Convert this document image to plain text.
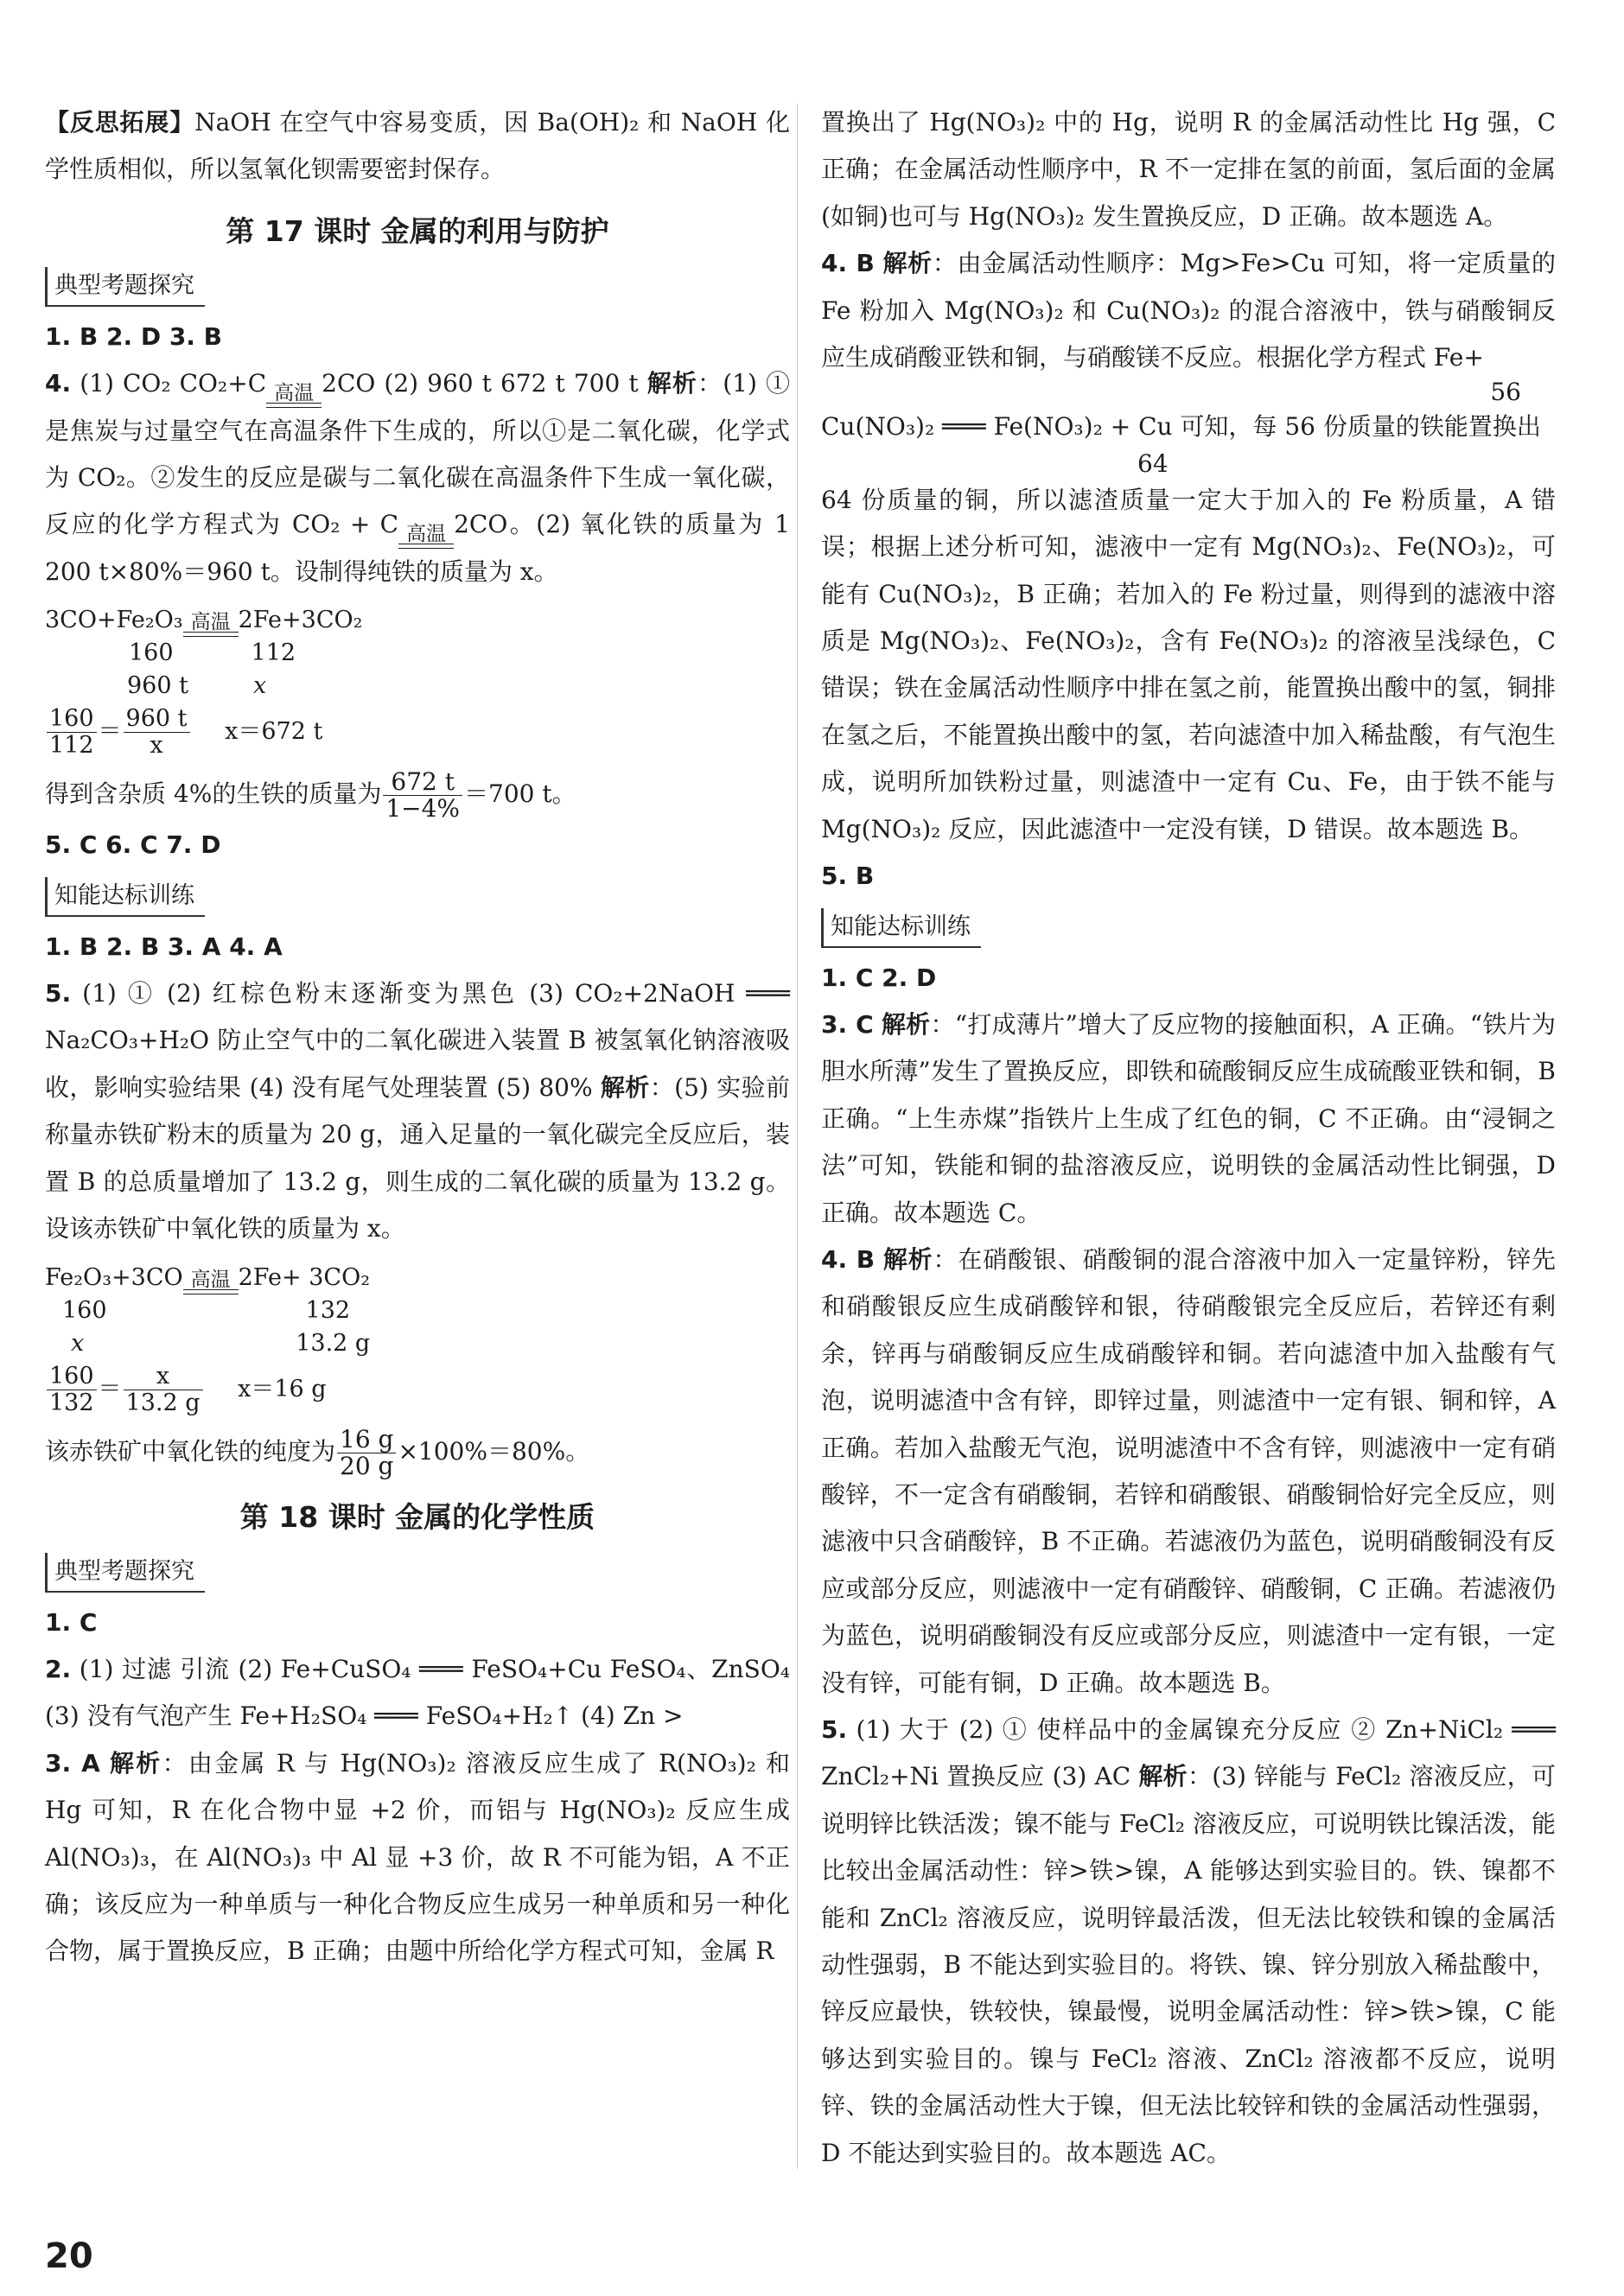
【反思拓展】NaOH 在空气中容易变质，因 Ba(OH)₂ 和 NaOH 化学性质相似，所以氢氧化钡需要密封保存。

第 17 课时 金属的利用与防护
典型考题探究

1. B 2. D 3. B

4. (1) CO₂ CO₂+C 高温 2CO (2) 960 t 672 t 700 t 解析：(1) ①是焦炭与过量空气在高温条件下生成的，所以①是二氧化碳，化学式为 CO₂。②发生的反应是碳与二氧化碳在高温条件下生成一氧化碳，反应的化学方程式为 CO₂ + C 高温 2CO。(2) 氧化铁的质量为 1 200 t×80%＝960 t。设制得纯铁的质量为 x。

3CO+Fe₂O₃ 高温 2Fe+3CO₂
160	112
960 t	x
$\frac{160}{112} = \frac{960 t}{x} x=672$ t

得到含杂质 4%的生铁的质量为 $\frac{672 t}{1-4\%} =700$ t。

5. C 6. C 7. D

知能达标训练

1. B 2. B 3. A 4. A

5. (1) ① (2) 红棕色粉末逐渐变为黑色 (3) CO₂+2NaOH ═══ Na₂CO₃+H₂O 防止空气中的二氧化碳进入装置 B 被氢氧化钠溶液吸收，影响实验结果 (4) 没有尾气处理装置 (5) 80% 解析：(5) 实验前称量赤铁矿粉末的质量为 20 g，通入足量的一氧化碳完全反应后，装置 B 的总质量增加了 13.2 g，则生成的二氧化碳的质量为 13.2 g。设该赤铁矿中氧化铁的质量为 x。

Fe₂O₃+3CO 高温 2Fe+ 3CO₂
160	132
x	13.2 g
$\frac{160}{132} = \frac{x}{13.2 g} x=16$ g

该赤铁矿中氧化铁的纯度为 $\frac{16 g}{20 g} \times 100\%=80\%$。

第 18 课时 金属的化学性质
典型考题探究

1. C

2. (1) 过滤 引流 (2) Fe+CuSO₄ ═══ FeSO₄+Cu FeSO₄、ZnSO₄ (3) 没有气泡产生 Fe+H₂SO₄ ═══ FeSO₄+H₂↑ (4) Zn >

3. A 解析：由金属 R 与 Hg(NO₃)₂ 溶液反应生成了 R(NO₃)₂ 和 Hg 可知，R 在化合物中显 +2 价，而铝与 Hg(NO₃)₂ 反应生成 Al(NO₃)₃，在 Al(NO₃)₃ 中 Al 显 +3 价，故 R 不可能为铝，A 不正确；该反应为一种单质与一种化合物反应生成另一种单质和另一种化合物，属于置换反应，B 正确；由题中所给化学方程式可知，金属 R

置换出了 Hg(NO₃)₂ 中的 Hg，说明 R 的金属活动性比 Hg 强，C 正确；在金属活动性顺序中，R 不一定排在氢的前面，氢后面的金属(如铜)也可与 Hg(NO₃)₂ 发生置换反应，D 正确。故本题选 A。

4. B 解析：由金属活动性顺序：Mg>Fe>Cu 可知，将一定质量的 Fe 粉加入 Mg(NO₃)₂ 和 Cu(NO₃)₂ 的混合溶液中，铁与硝酸铜反应生成硝酸亚铁和铜，与硝酸镁不反应。根据化学方程式 Fe+

56

Cu(NO₃)₂ ═══ Fe(NO₃)₂ + Cu 可知，每 56 份质量的铁能置换出

64

64 份质量的铜，所以滤渣质量一定大于加入的 Fe 粉质量，A 错误；根据上述分析可知，滤液中一定有 Mg(NO₃)₂、Fe(NO₃)₂，可能有 Cu(NO₃)₂，B 正确；若加入的 Fe 粉过量，则得到的滤液中溶质是 Mg(NO₃)₂、Fe(NO₃)₂，含有 Fe(NO₃)₂ 的溶液呈浅绿色，C 错误；铁在金属活动性顺序中排在氢之前，能置换出酸中的氢，铜排在氢之后，不能置换出酸中的氢，若向滤渣中加入稀盐酸，有气泡生成，说明所加铁粉过量，则滤渣中一定有 Cu、Fe，由于铁不能与 Mg(NO₃)₂ 反应，因此滤渣中一定没有镁，D 错误。故本题选 B。

5. B

知能达标训练

1. C 2. D

3. C 解析：“打成薄片”增大了反应物的接触面积，A 正确。“铁片为胆水所薄”发生了置换反应，即铁和硫酸铜反应生成硫酸亚铁和铜，B 正确。“上生赤煤”指铁片上生成了红色的铜，C 不正确。由“浸铜之法”可知，铁能和铜的盐溶液反应，说明铁的金属活动性比铜强，D 正确。故本题选 C。

4. B 解析：在硝酸银、硝酸铜的混合溶液中加入一定量锌粉，锌先和硝酸银反应生成硝酸锌和银，待硝酸银完全反应后，若锌还有剩余，锌再与硝酸铜反应生成硝酸锌和铜。若向滤渣中加入盐酸有气泡，说明滤渣中含有锌，即锌过量，则滤渣中一定有银、铜和锌，A 正确。若加入盐酸无气泡，说明滤渣中不含有锌，则滤液中一定有硝酸锌，不一定含有硝酸铜，若锌和硝酸银、硝酸铜恰好完全反应，则滤液中只含硝酸锌，B 不正确。若滤液仍为蓝色，说明硝酸铜没有反应或部分反应，则滤液中一定有硝酸锌、硝酸铜，C 正确。若滤液仍为蓝色，说明硝酸铜没有反应或部分反应，则滤渣中一定有银，一定没有锌，可能有铜，D 正确。故本题选 B。

5. (1) 大于 (2) ① 使样品中的金属镍充分反应 ② Zn+NiCl₂ ═══ ZnCl₂+Ni 置换反应 (3) AC 解析：(3) 锌能与 FeCl₂ 溶液反应，可说明锌比铁活泼；镍不能与 FeCl₂ 溶液反应，可说明铁比镍活泼，能比较出金属活动性：锌>铁>镍，A 能够达到实验目的。铁、镍都不能和 ZnCl₂ 溶液反应，说明锌最活泼，但无法比较铁和镍的金属活动性强弱，B 不能达到实验目的。将铁、镍、锌分别放入稀盐酸中，锌反应最快，铁较快，镍最慢，说明金属活动性：锌>铁>镍，C 能够达到实验目的。镍与 FeCl₂ 溶液、ZnCl₂ 溶液都不反应，说明锌、铁的金属活动性大于镍，但无法比较锌和铁的金属活动性强弱，D 不能达到实验目的。故本题选 AC。

20
